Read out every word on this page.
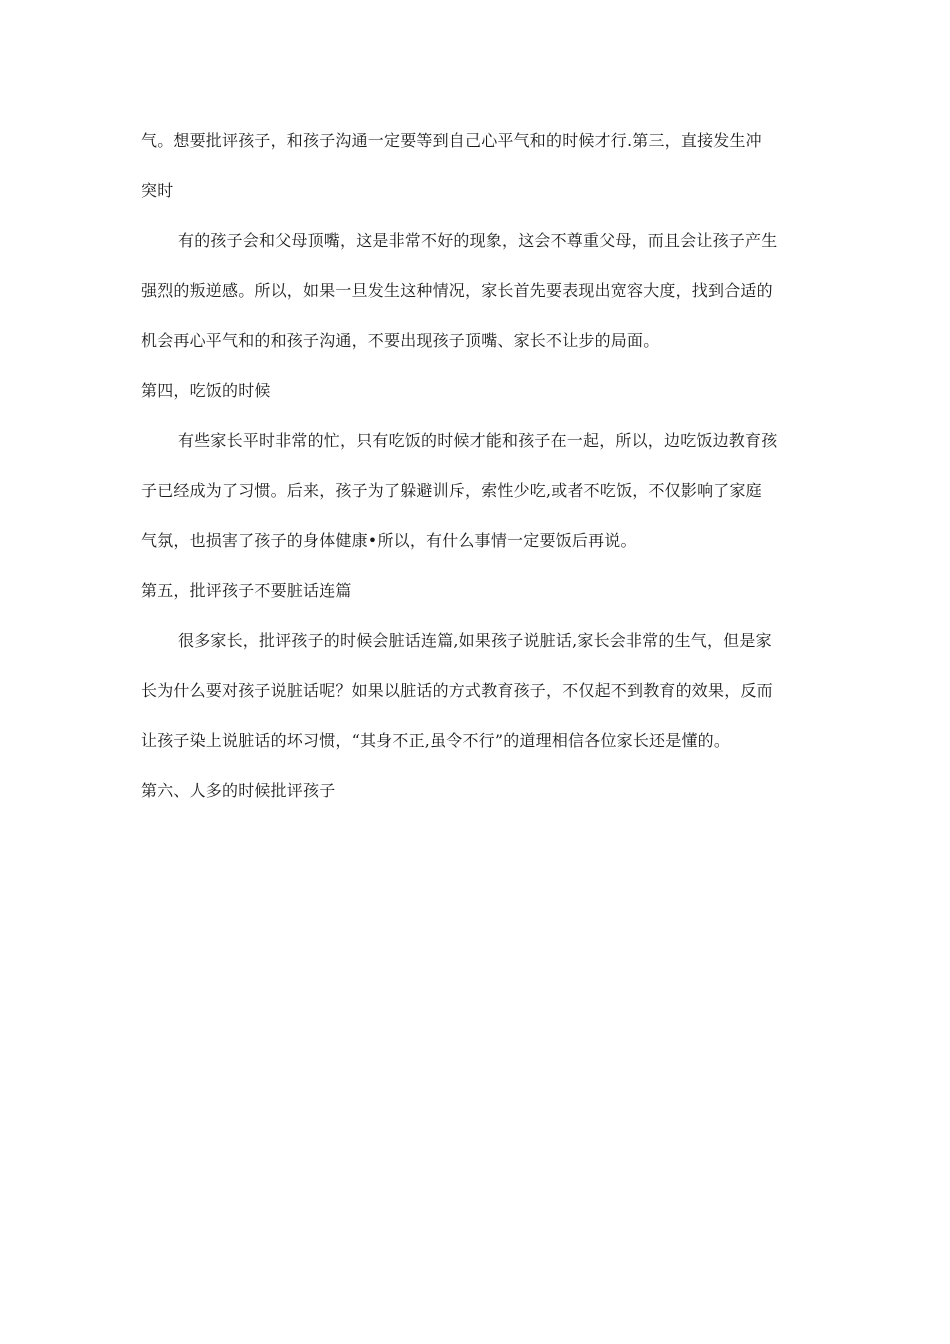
气。想要批评孩子，和孩子沟通一定要等到自己心平气和的时候才行.第三，直接发生冲
突时
有的孩子会和父母顶嘴，这是非常不好的现象，这会不尊重父母，而且会让孩子产生
强烈的叛逆感。所以，如果一旦发生这种情况，家长首先要表现出宽容大度，找到合适的
机会再心平气和的和孩子沟通，不要出现孩子顶嘴、家长不让步的局面。
第四，吃饭的时候
有些家长平时非常的忙，只有吃饭的时候才能和孩子在一起，所以，边吃饭边教育孩
子已经成为了习惯。后来，孩子为了躲避训斥，索性少吃,或者不吃饭，不仅影响了家庭
气氛，也损害了孩子的身体健康•所以，有什么事情一定要饭后再说。
第五，批评孩子不要脏话连篇
很多家长，批评孩子的时候会脏话连篇,如果孩子说脏话,家长会非常的生气，但是家
长为什么要对孩子说脏话呢？如果以脏话的方式教育孩子，不仅起不到教育的效果，反而
让孩子染上说脏话的坏习惯，“其身不正,虽令不行”的道理相信各位家长还是懂的。
第六、人多的时候批评孩子
